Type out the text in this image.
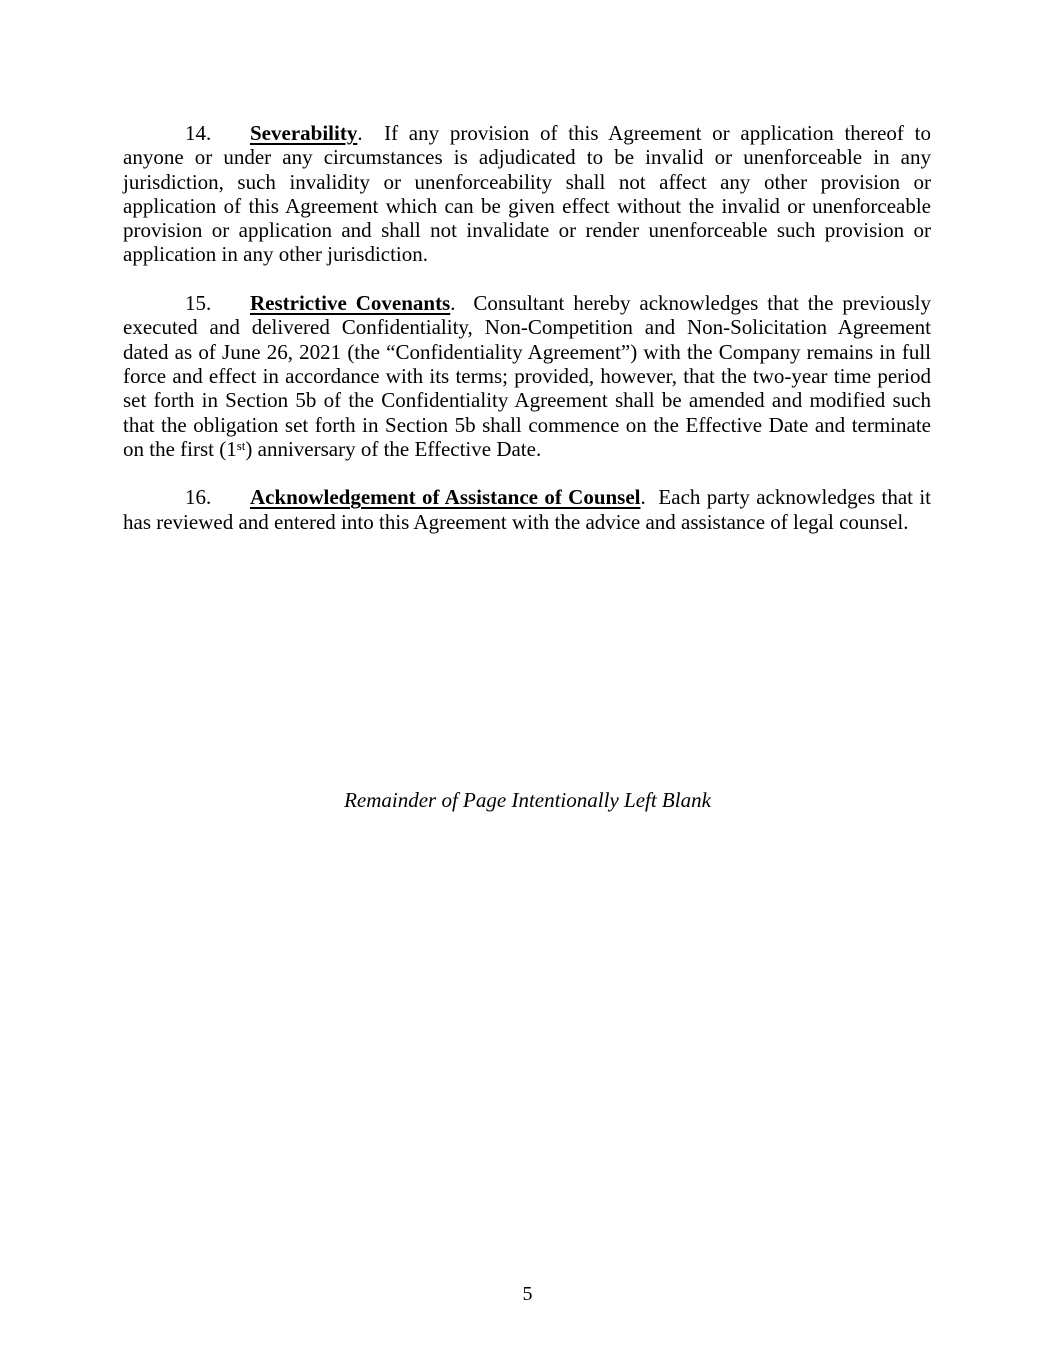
14. Severability.  If any provision of this Agreement or application thereof to anyone or under any circumstances is adjudicated to be invalid or unenforceable in any jurisdiction, such invalidity or unenforceability shall not affect any other provision or application of this Agreement which can be given effect without the invalid or unenforceable provision or application and shall not invalidate or render unenforceable such provision or application in any other jurisdiction.

15. Restrictive Covenants.  Consultant hereby acknowledges that the previously executed and delivered Confidentiality, Non-Competition and Non-Solicitation Agreement dated as of June 26, 2021 (the “Confidentiality Agreement”) with the Company remains in full force and effect in accordance with its terms; provided, however, that the two-year time period set forth in Section 5b of the Confidentiality Agreement shall be amended and modified such that the obligation set forth in Section 5b shall commence on the Effective Date and terminate on the first (1st) anniversary of the Effective Date.

16. Acknowledgement of Assistance of Counsel.  Each party acknowledges that it has reviewed and entered into this Agreement with the advice and assistance of legal counsel.

Remainder of Page Intentionally Left Blank
5
